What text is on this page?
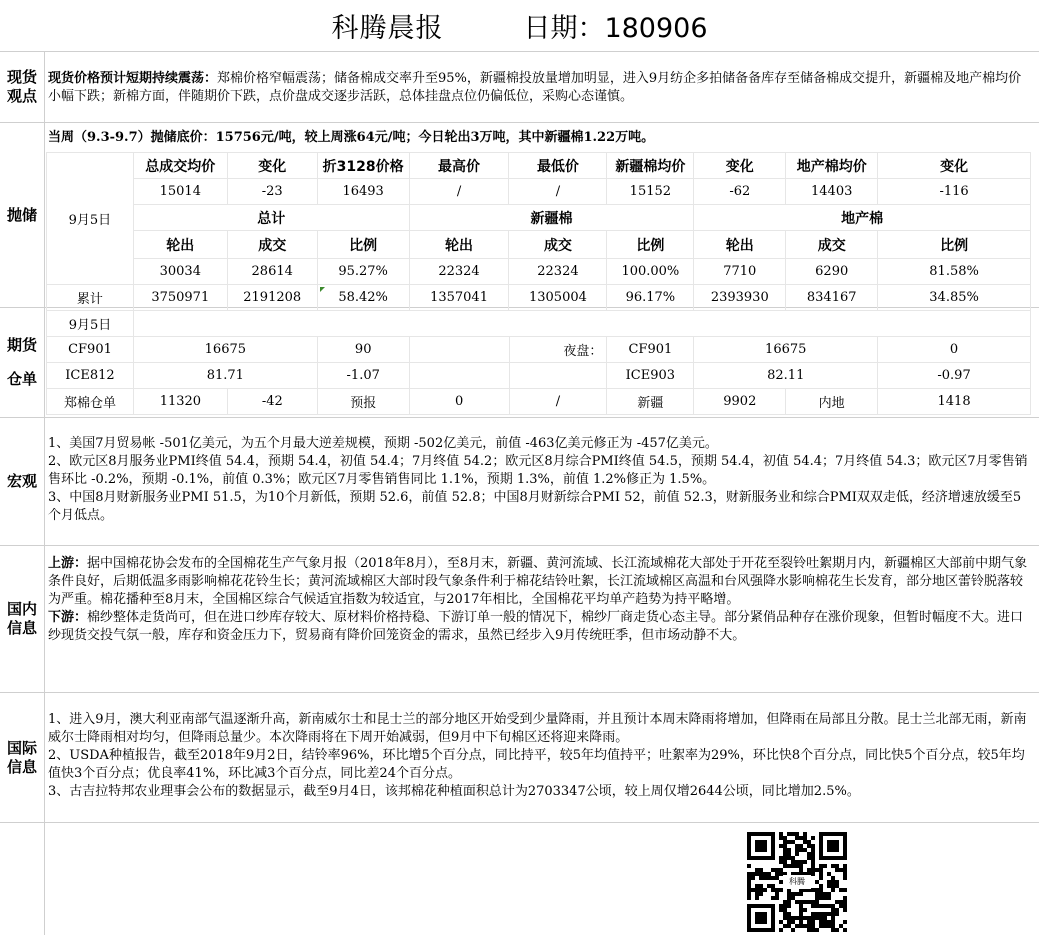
科腾晨报	日期：180906
现货观点
现货价格预计短期持续震荡：郑棉价格窄幅震荡；储备棉成交率升至95%，新疆棉投放量增加明显，进入9月纺企多拍储备备库存至储备棉成交提升，新疆棉及地产棉均价小幅下跌；新棉方面，伴随期价下跌，点价盘成交逐步活跃，总体挂盘点位仍偏低位，采购心态谨慎。
抛储
当周（9.3-9.7）抛储底价：15756元/吨，较上周涨64元/吨；今日轮出3万吨，其中新疆棉1.22万吨。
9月5日	总成交均价	变化	折3128价格	最高价	最低价	新疆棉均价	变化	地产棉均价	变化
	15014	-23	16493	/	/	15152	-62	14403	-116
	总计			新疆棉			地产棉		
	轮出	成交	比例	轮出	成交	比例	轮出	成交	比例
	30034	28614	95.27%	22324	22324	100.00%	7710	6290	81.58%
累计	3750971	2191208	58.42%	1357041	1305004	96.17%	2393930	834167	34.85%
期货
仓单
9月5日									
CF901	16675		90		夜盘：	CF901	16675		0
ICE812	81.71		-1.07			ICE903	82.11		-0.97
郑棉仓单	11320	-42	预报	0	/	新疆	9902	内地	1418
宏观
1、美国7月贸易帐 -501亿美元，为五个月最大逆差规模，预期 -502亿美元，前值 -463亿美元修正为 -457亿美元。
2、欧元区8月服务业PMI终值 54.4，预期 54.4，初值 54.4；7月终值 54.2；欧元区8月综合PMI终值 54.5，预期 54.4，初值 54.4；7月终值 54.3；欧元区7月零售销售环比 -0.2%，预期 -0.1%，前值 0.3%；欧元区7月零售销售同比 1.1%，预期 1.3%，前值 1.2%修正为 1.5%。
3、中国8月财新服务业PMI 51.5，为10个月新低，预期 52.6，前值 52.8；中国8月财新综合PMI 52，前值 52.3，财新服务业和综合PMI双双走低，经济增速放缓至5个月低点。
国内信息
上游：据中国棉花协会发布的全国棉花生产气象月报（2018年8月），至8月末，新疆、黄河流域、长江流域棉花大部处于开花至裂铃吐絮期月内，新疆棉区大部前中期气象条件良好，后期低温多雨影响棉花花铃生长；黄河流域棉区大部时段气象条件利于棉花结铃吐絮，长江流域棉区高温和台风强降水影响棉花生长发育，部分地区蕾铃脱落较为严重。棉花播种至8月末，全国棉区综合气候适宜指数为较适宜，与2017年相比，全国棉花平均单产趋势为持平略增。
下游：棉纱整体走货尚可，但在进口纱库存较大、原材料价格持稳、下游订单一般的情况下，棉纱厂商走货心态主导。部分紧俏品种存在涨价现象，但暂时幅度不大。进口纱现货交投气氛一般，库存和资金压力下，贸易商有降价回笼资金的需求，虽然已经步入9月传统旺季，但市场动静不大。
国际信息
1、进入9月，澳大利亚南部气温逐渐升高，新南威尔士和昆士兰的部分地区开始受到少量降雨，并且预计本周末降雨将增加，但降雨在局部且分散。昆士兰北部无雨，新南威尔士降雨相对均匀，但降雨总量少。本次降雨将在下周开始减弱，但9月中下旬棉区还将迎来降雨。
2、USDA种植报告，截至2018年9月2日，结铃率96%，环比增5个百分点，同比持平，较5年均值持平；吐絮率为29%，环比快8个百分点，同比快5个百分点，较5年均值快3个百分点；优良率41%，环比减3个百分点，同比差24个百分点。
3、古吉拉特邦农业理事会公布的数据显示，截至9月4日，该邦棉花种植面积总计为2703347公顷，较上周仅增2644公顷，同比增加2.5%。
科腾
